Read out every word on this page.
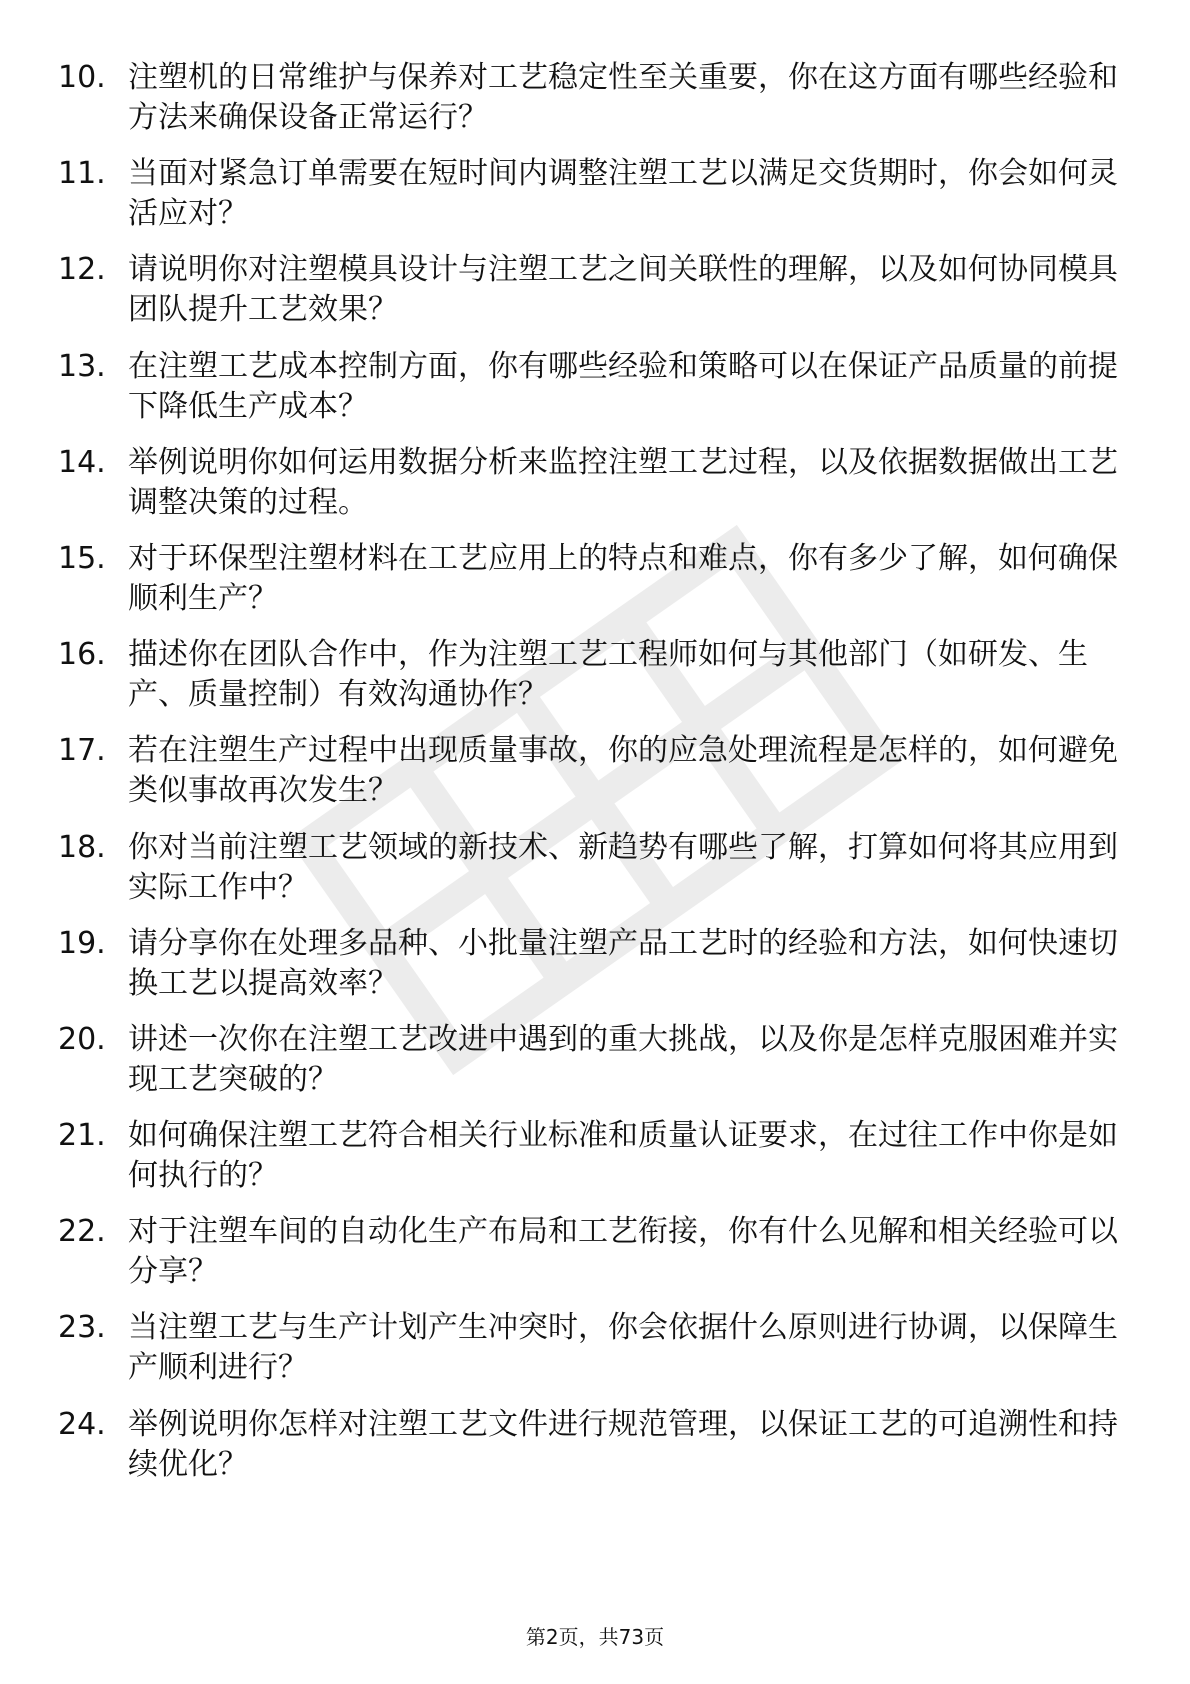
10. 注塑机的日常维护与保养对工艺稳定性至关重要，你在这方面有哪些经验和方法来确保设备正常运行？
11. 当面对紧急订单需要在短时间内调整注塑工艺以满足交货期时，你会如何灵活应对？
12. 请说明你对注塑模具设计与注塑工艺之间关联性的理解，以及如何协同模具团队提升工艺效果？
13. 在注塑工艺成本控制方面，你有哪些经验和策略可以在保证产品质量的前提下降低生产成本？
14. 举例说明你如何运用数据分析来监控注塑工艺过程，以及依据数据做出工艺调整决策的过程。
15. 对于环保型注塑材料在工艺应用上的特点和难点，你有多少了解，如何确保顺利生产？
16. 描述你在团队合作中，作为注塑工艺工程师如何与其他部门（如研发、生产、质量控制）有效沟通协作？
17. 若在注塑生产过程中出现质量事故，你的应急处理流程是怎样的，如何避免类似事故再次发生？
18. 你对当前注塑工艺领域的新技术、新趋势有哪些了解，打算如何将其应用到实际工作中？
19. 请分享你在处理多品种、小批量注塑产品工艺时的经验和方法，如何快速切换工艺以提高效率？
20. 讲述一次你在注塑工艺改进中遇到的重大挑战，以及你是怎样克服困难并实现工艺突破的？
21. 如何确保注塑工艺符合相关行业标准和质量认证要求，在过往工作中你是如何执行的？
22. 对于注塑车间的自动化生产布局和工艺衔接，你有什么见解和相关经验可以分享？
23. 当注塑工艺与生产计划产生冲突时，你会依据什么原则进行协调，以保障生产顺利进行？
24. 举例说明你怎样对注塑工艺文件进行规范管理，以保证工艺的可追溯性和持续优化？
第2页，共73页
